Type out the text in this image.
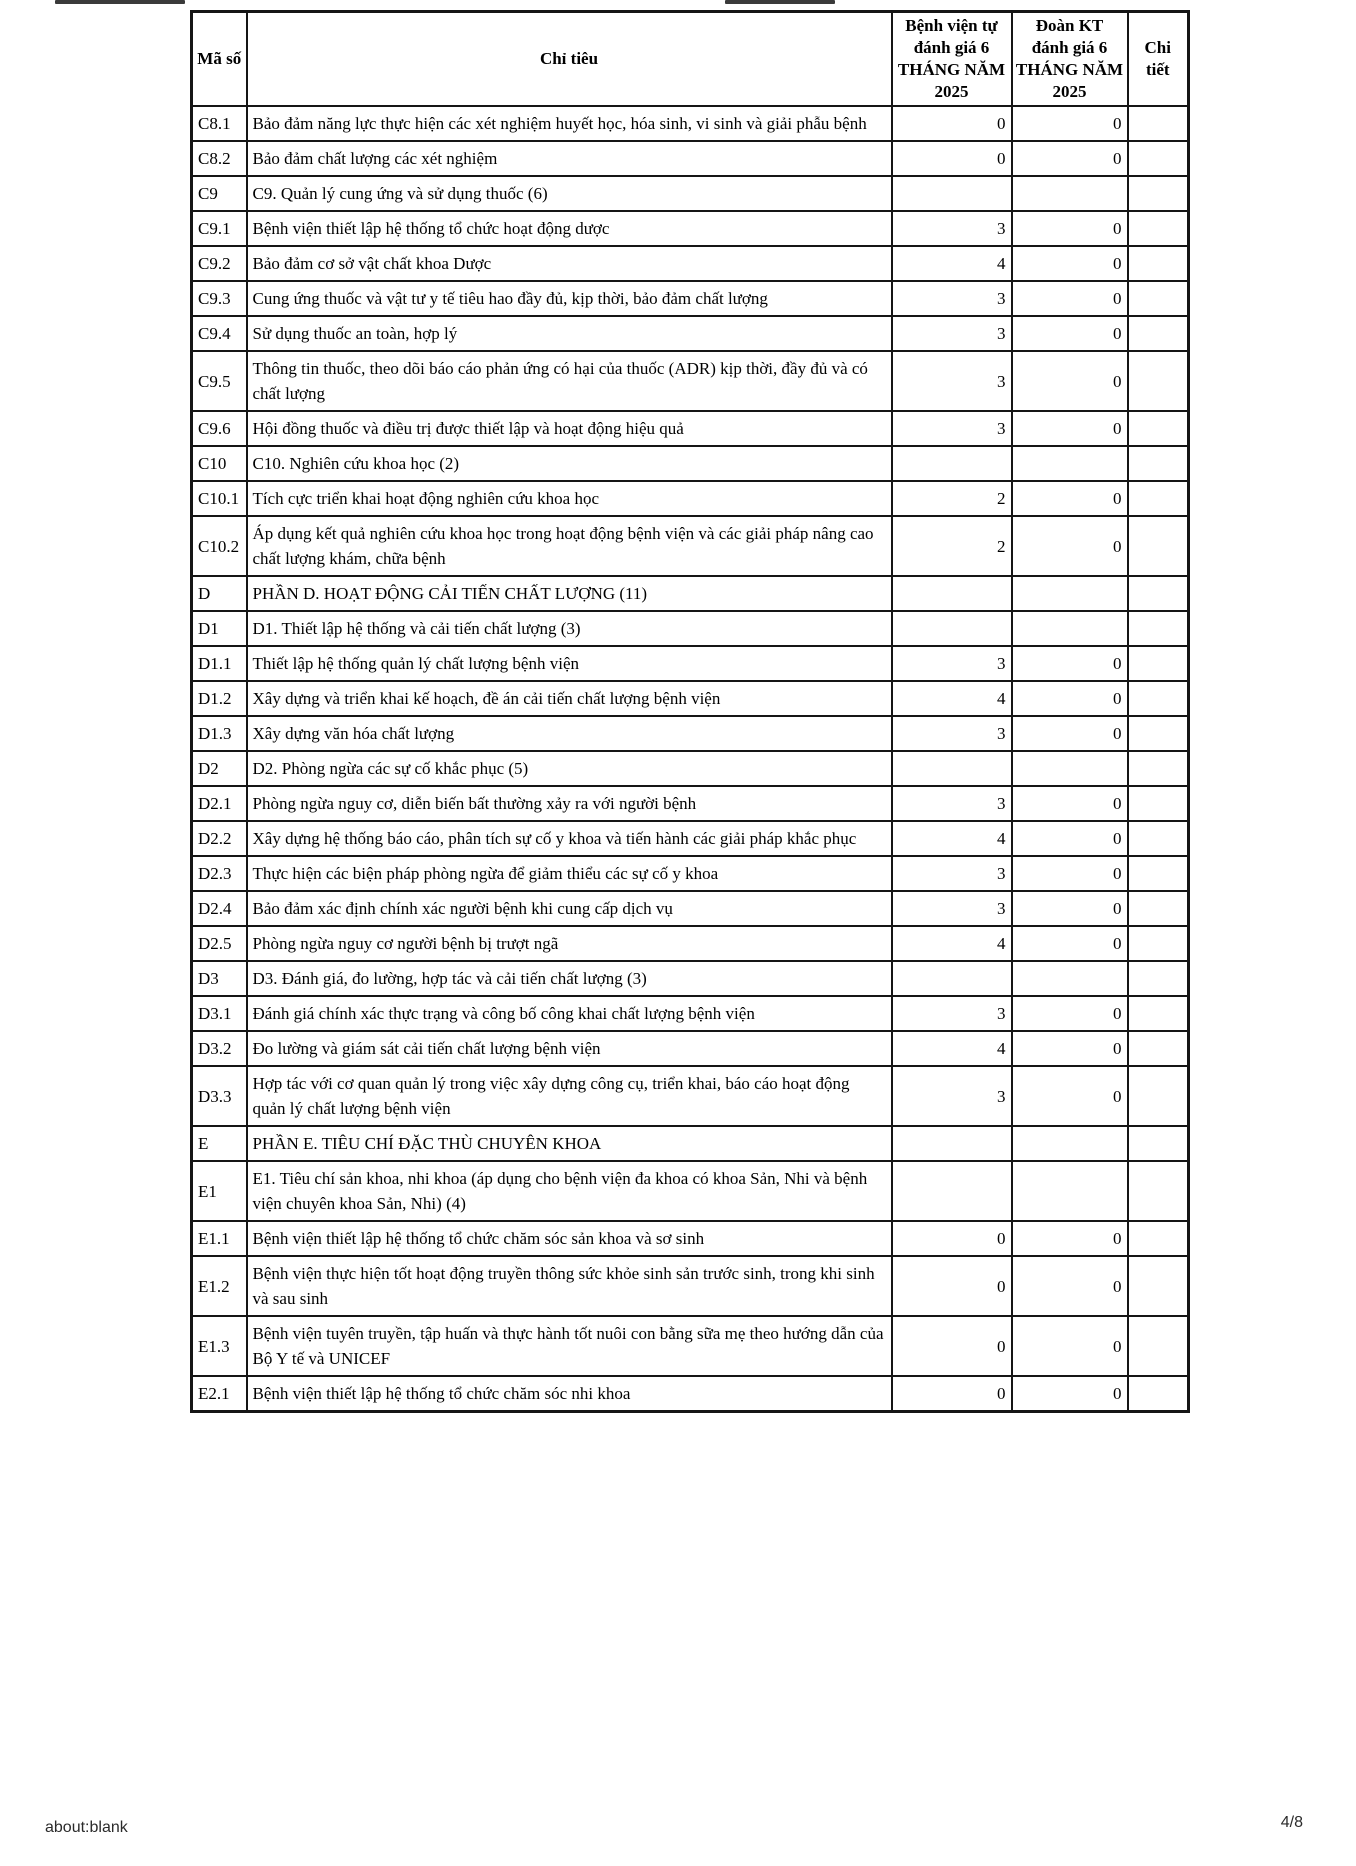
Mã số	Chỉ tiêu	Bệnh viện tự đánh giá 6 THÁNG NĂM 2025	Đoàn KT đánh giá 6 THÁNG NĂM 2025	Chi tiết
C8.1	Bảo đảm năng lực thực hiện các xét nghiệm huyết học, hóa sinh, vi sinh và giải phẫu bệnh	0	0	
C8.2	Bảo đảm chất lượng các xét nghiệm	0	0	
C9	C9. Quản lý cung ứng và sử dụng thuốc (6)			
C9.1	Bệnh viện thiết lập hệ thống tổ chức hoạt động dược	3	0	
C9.2	Bảo đảm cơ sở vật chất khoa Dược	4	0	
C9.3	Cung ứng thuốc và vật tư y tế tiêu hao đầy đủ, kịp thời, bảo đảm chất lượng	3	0	
C9.4	Sử dụng thuốc an toàn, hợp lý	3	0	
C9.5	Thông tin thuốc, theo dõi báo cáo phản ứng có hại của thuốc (ADR) kịp thời, đầy đủ và có chất lượng	3	0	
C9.6	Hội đồng thuốc và điều trị được thiết lập và hoạt động hiệu quả	3	0	
C10	C10. Nghiên cứu khoa học (2)			
C10.1	Tích cực triển khai hoạt động nghiên cứu khoa học	2	0	
C10.2	Áp dụng kết quả nghiên cứu khoa học trong hoạt động bệnh viện và các giải pháp nâng cao chất lượng khám, chữa bệnh	2	0	
D	PHẦN D. HOẠT ĐỘNG CẢI TIẾN CHẤT LƯỢNG (11)			
D1	D1. Thiết lập hệ thống và cải tiến chất lượng (3)			
D1.1	Thiết lập hệ thống quản lý chất lượng bệnh viện	3	0	
D1.2	Xây dựng và triển khai kế hoạch, đề án cải tiến chất lượng bệnh viện	4	0	
D1.3	Xây dựng văn hóa chất lượng	3	0	
D2	D2. Phòng ngừa các sự cố khắc phục (5)			
D2.1	Phòng ngừa nguy cơ, diễn biến bất thường xảy ra với người bệnh	3	0	
D2.2	Xây dựng hệ thống báo cáo, phân tích sự cố y khoa và tiến hành các giải pháp khắc phục	4	0	
D2.3	Thực hiện các biện pháp phòng ngừa để giảm thiểu các sự cố y khoa	3	0	
D2.4	Bảo đảm xác định chính xác người bệnh khi cung cấp dịch vụ	3	0	
D2.5	Phòng ngừa nguy cơ người bệnh bị trượt ngã	4	0	
D3	D3. Đánh giá, đo lường, hợp tác và cải tiến chất lượng (3)			
D3.1	Đánh giá chính xác thực trạng và công bố công khai chất lượng bệnh viện	3	0	
D3.2	Đo lường và giám sát cải tiến chất lượng bệnh viện	4	0	
D3.3	Hợp tác với cơ quan quản lý trong việc xây dựng công cụ, triển khai, báo cáo hoạt động quản lý chất lượng bệnh viện	3	0	
E	PHẦN E. TIÊU CHÍ ĐẶC THÙ CHUYÊN KHOA			
E1	E1. Tiêu chí sản khoa, nhi khoa (áp dụng cho bệnh viện đa khoa có khoa Sản, Nhi và bệnh viện chuyên khoa Sản, Nhi) (4)			
E1.1	Bệnh viện thiết lập hệ thống tổ chức chăm sóc sản khoa và sơ sinh	0	0	
E1.2	Bệnh viện thực hiện tốt hoạt động truyền thông sức khỏe sinh sản trước sinh, trong khi sinh và sau sinh	0	0	
E1.3	Bệnh viện tuyên truyền, tập huấn và thực hành tốt nuôi con bằng sữa mẹ theo hướng dẫn của Bộ Y tế và UNICEF	0	0	
E2.1	Bệnh viện thiết lập hệ thống tổ chức chăm sóc nhi khoa	0	0	
about:blank	4/8
